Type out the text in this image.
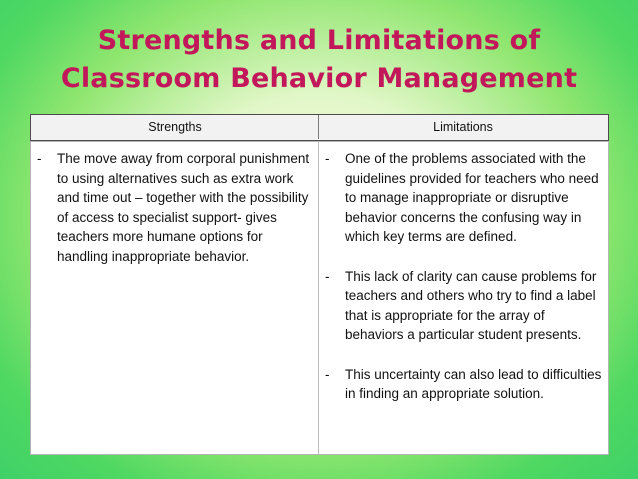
Strengths and Limitations of
Classroom Behavior Management
Strengths	Limitations
- The move away from corporal punishment to using alternatives such as extra work and time out – together with the possibility of access to specialist support- gives teachers more humane options for handling inappropriate behavior.
- One of the problems associated with the guidelines provided for teachers who need to manage inappropriate or disruptive behavior concerns the confusing way in which key terms are defined.
- This lack of clarity can cause problems for teachers and others who try to find a label that is appropriate for the array of behaviors a particular student presents.
- This uncertainty can also lead to difficulties in finding an appropriate solution.
